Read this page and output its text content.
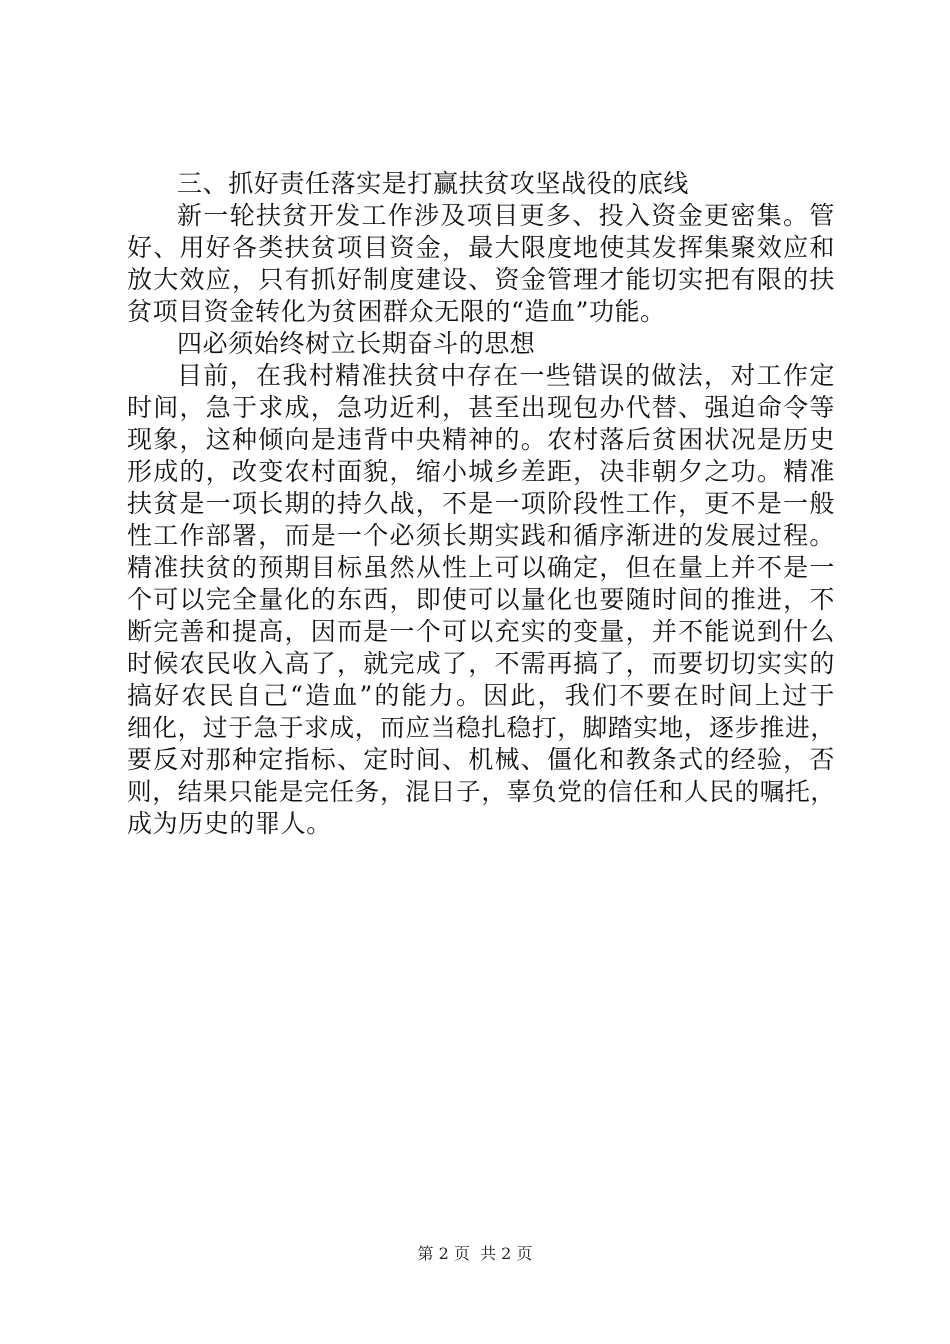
三、抓好责任落实是打赢扶贫攻坚战役的底线
新一轮扶贫开发工作涉及项目更多、投入资金更密集。管
好、用好各类扶贫项目资金，最大限度地使其发挥集聚效应和
放大效应，只有抓好制度建设、资金管理才能切实把有限的扶
贫项目资金转化为贫困群众无限的“造血”功能。
四必须始终树立长期奋斗的思想
目前，在我村精准扶贫中存在一些错误的做法，对工作定
时间，急于求成，急功近利，甚至出现包办代替、强迫命令等
现象，这种倾向是违背中央精神的。农村落后贫困状况是历史
形成的，改变农村面貌，缩小城乡差距，决非朝夕之功。精准
扶贫是一项长期的持久战，不是一项阶段性工作，更不是一般
性工作部署，而是一个必须长期实践和循序渐进的发展过程。
精准扶贫的预期目标虽然从性上可以确定，但在量上并不是一
个可以完全量化的东西，即使可以量化也要随时间的推进，不
断完善和提高，因而是一个可以充实的变量，并不能说到什么
时候农民收入高了，就完成了，不需再搞了，而要切切实实的
搞好农民自己“造血”的能力。因此，我们不要在时间上过于
细化，过于急于求成，而应当稳扎稳打，脚踏实地，逐步推进，
要反对那种定指标、定时间、机械、僵化和教条式的经验，否
则，结果只能是完任务，混日子，辜负党的信任和人民的嘱托，
成为历史的罪人。
第 2 页  共 2 页
